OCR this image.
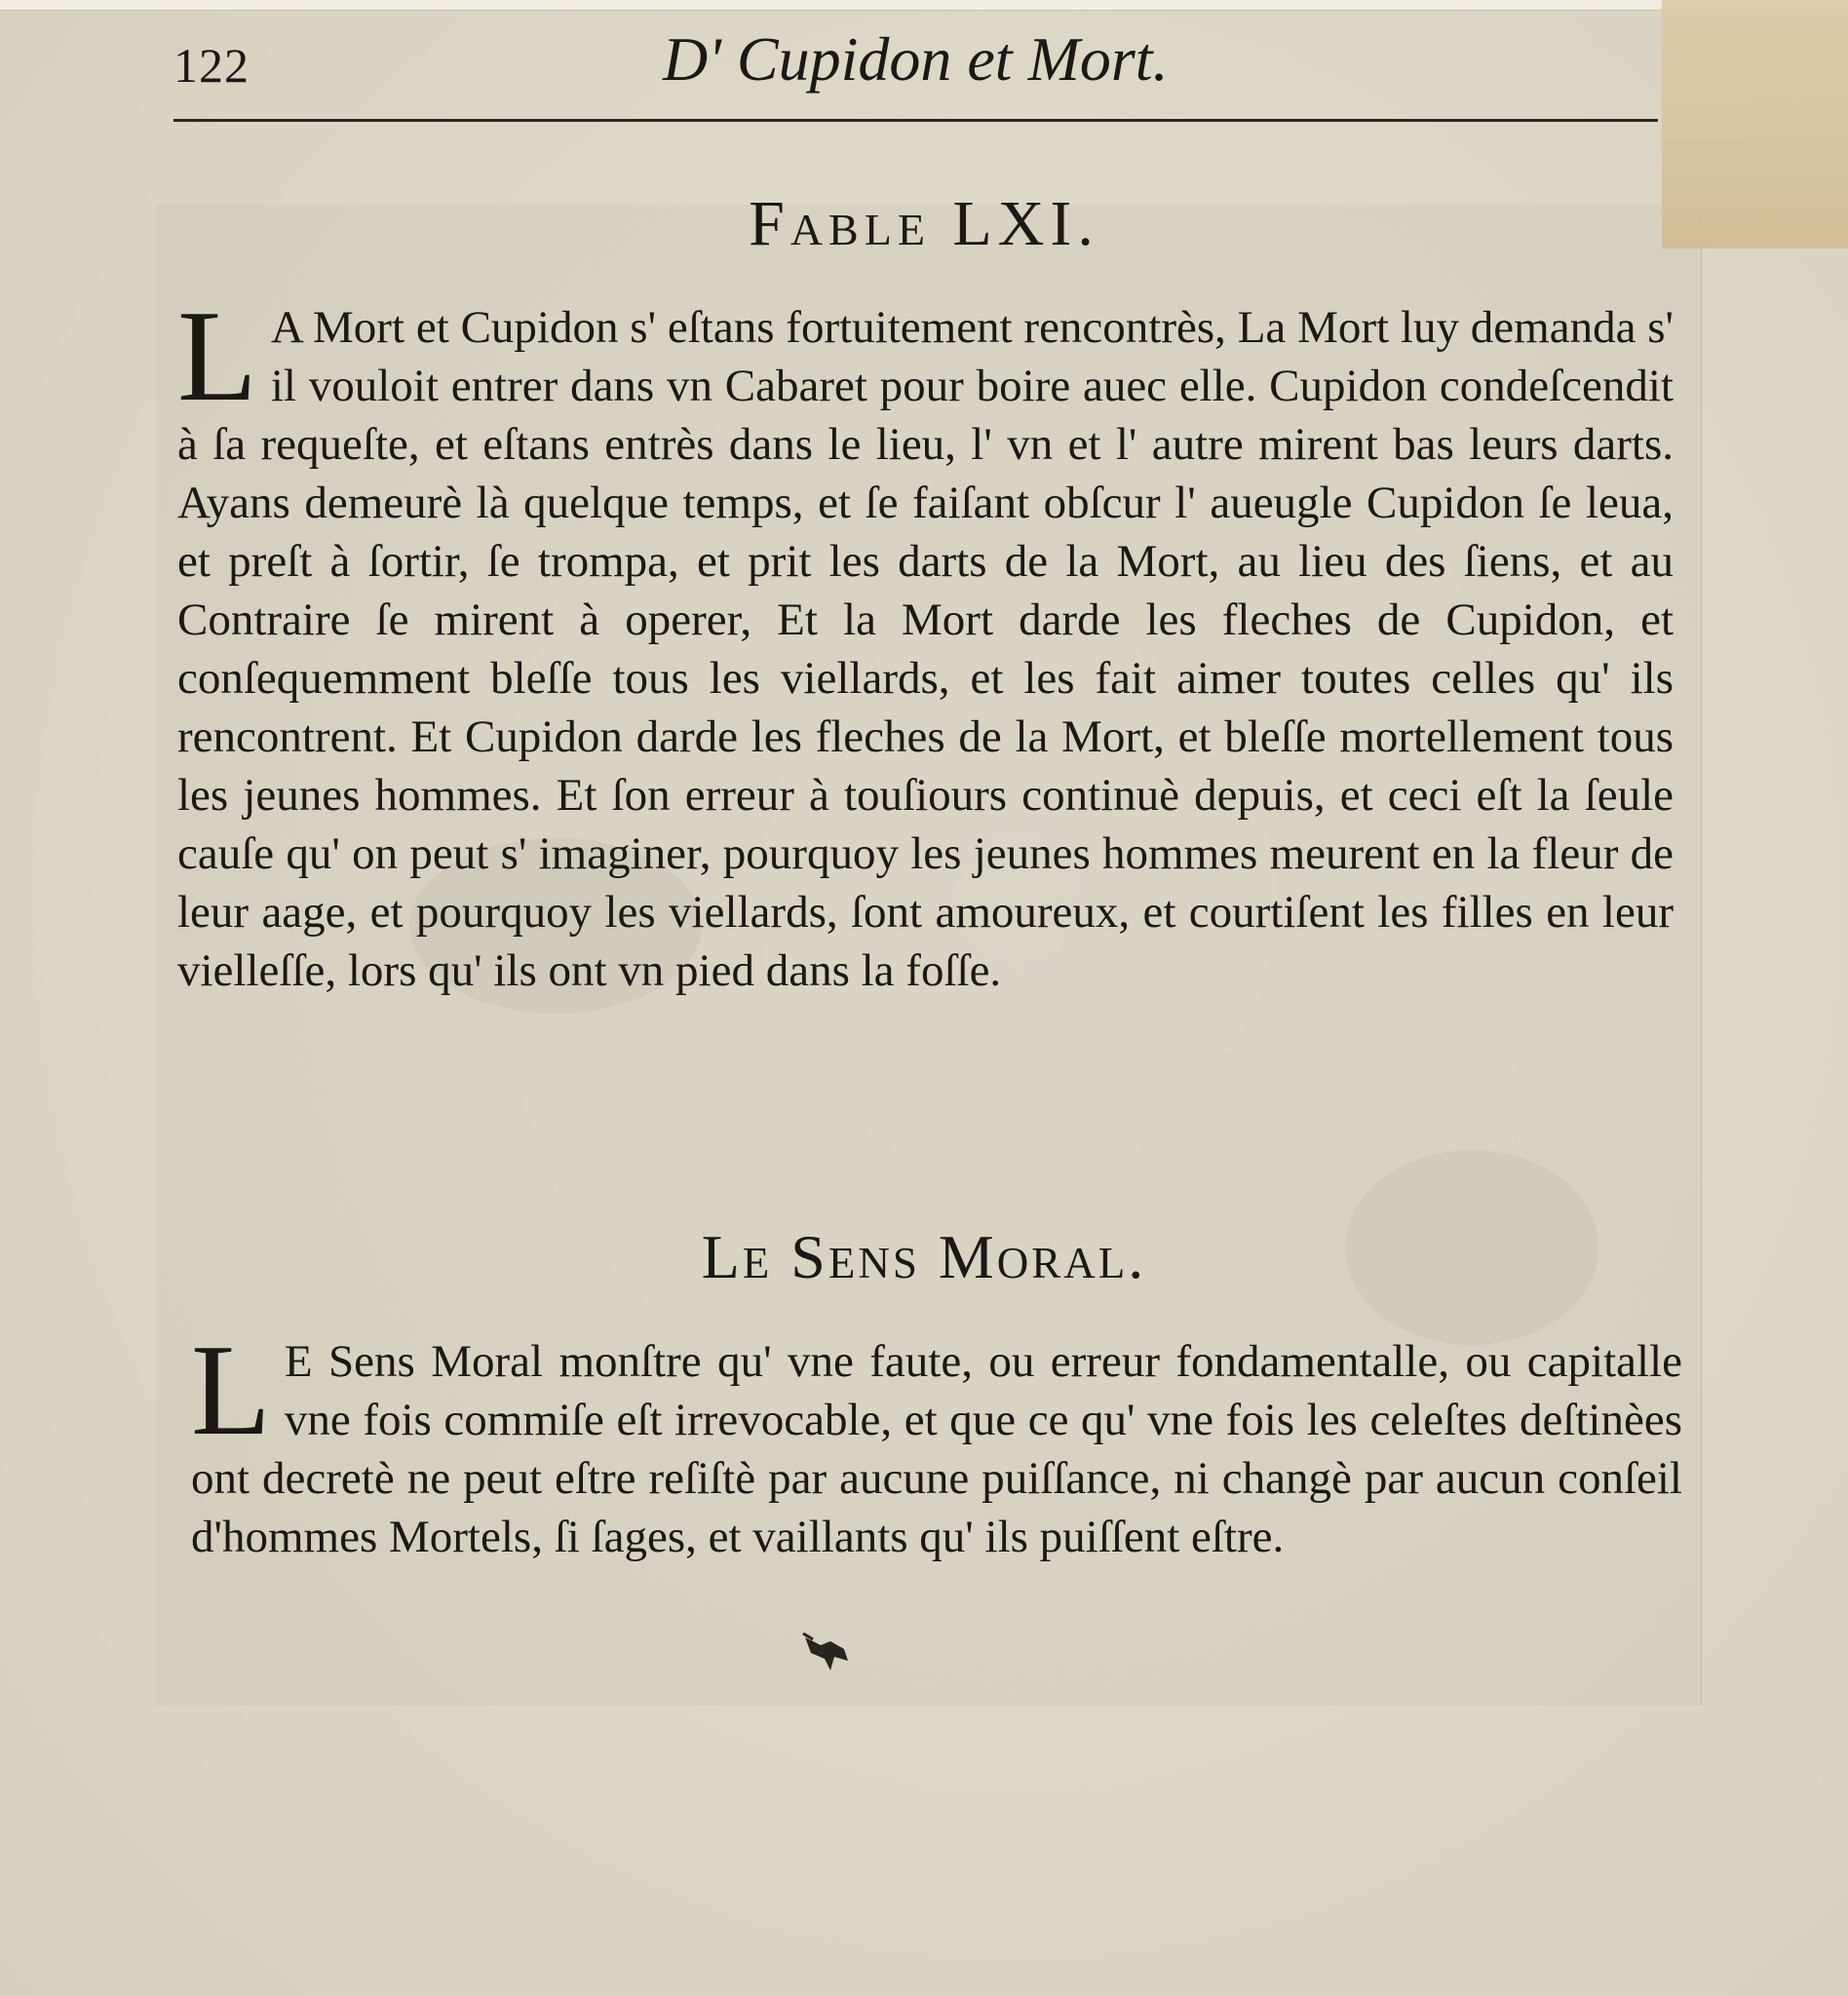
122	D' Cupidon et Mort.
Fable LXI.
L A Mort et Cupidon s' eſtans fortuitement rencontrès, La Mort luy demanda s' il vouloit entrer dans vn Cabaret pour boire auec elle. Cupidon condeſcendit à ſa requeſte, et eſtans entrès dans le lieu, l' vn et l' autre mirent bas leurs darts. Ayans demeurè là quelque temps, et ſe faiſant obſcur l' aueugle Cupidon ſe leua, et preſt à ſortir, ſe trompa, et prit les darts de la Mort, au lieu des ſiens, et au Contraire ſe mirent à operer, Et la Mort darde les fleches de Cupidon, et conſequemment bleſſe tous les viellards, et les fait aimer toutes celles qu' ils rencontrent. Et Cupidon darde les fleches de la Mort, et bleſſe mortellement tous les jeunes hommes. Et ſon erreur à touſiours continuè depuis, et ceci eſt la ſeule cauſe qu' on peut s' imaginer, pourquoy les jeunes hommes meurent en la fleur de leur aage, et pourquoy les viellards, ſont amoureux, et courtiſent les filles en leur vielleſſe, lors qu' ils ont vn pied dans la foſſe.
Le Sens Moral.
L E Sens Moral monſtre qu' vne faute, ou erreur fondamentalle, ou capitalle vne fois commiſe eſt irrevocable, et que ce qu' vne fois les celeſtes deſtinèes ont decretè ne peut eſtre reſiſtè par aucune puiſſance, ni changè par aucun conſeil d'hommes Mortels, ſi ſages, et vaillants qu' ils puiſſent eſtre.
